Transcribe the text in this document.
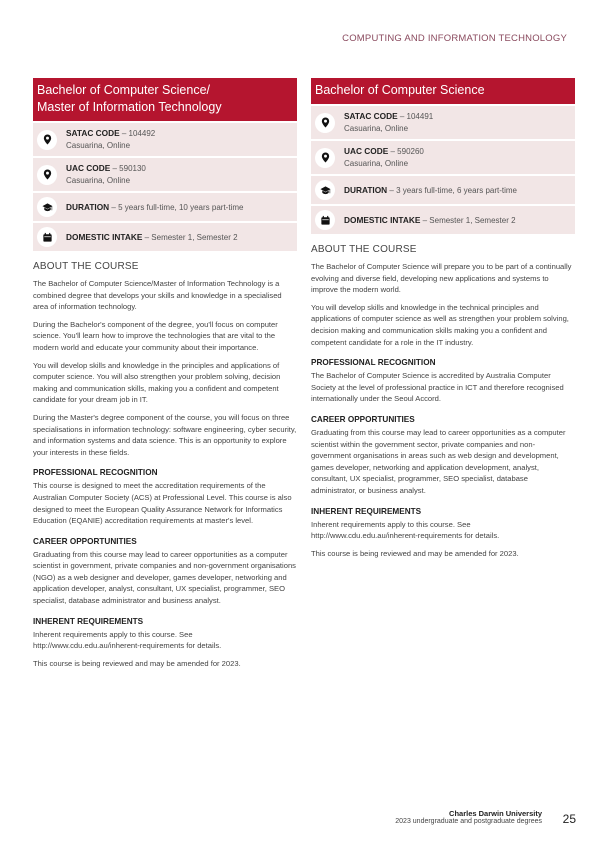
COMPUTING AND INFORMATION TECHNOLOGY
Bachelor of Computer Science/
Master of Information Technology
SATAC CODE – 104492
Casuarina, Online
UAC CODE – 590130
Casuarina, Online
DURATION – 5 years full-time, 10 years part-time
DOMESTIC INTAKE – Semester 1, Semester 2
ABOUT THE COURSE

The Bachelor of Computer Science/Master of Information Technology is a combined degree that develops your skills and knowledge in a specialised area of information technology.

During the Bachelor's component of the degree, you'll focus on computer science. You'll learn how to improve the technologies that are vital to the modern world and educate your community about their importance.

You will develop skills and knowledge in the principles and applications of computer science. You will also strengthen your problem solving, decision making and communication skills, making you a confident and competent candidate for your dream job in IT.

During the Master's degree component of the course, you will focus on three specialisations in information technology: software engineering, cyber security, and information systems and data science. This is an opportunity to explore your interests in these fields.

PROFESSIONAL RECOGNITION

This course is designed to meet the accreditation requirements of the Australian Computer Society (ACS) at Professional Level. This course is also designed to meet the European Quality Assurance Network for Informatics Education (EQANIE) accreditation requirements at master's level.

CAREER OPPORTUNITIES

Graduating from this course may lead to career opportunities as a computer scientist in government, private companies and non-government organisations (NGO) as a web designer and developer, games developer, networking and application developer, analyst, consultant, UX specialist, programmer, SEO specialist, database administrator and business analyst.

INHERENT REQUIREMENTS

Inherent requirements apply to this course. See http://www.cdu.edu.au/inherent-requirements for details.

This course is being reviewed and may be amended for 2023.

Bachelor of Computer Science
SATAC CODE – 104491
Casuarina, Online
UAC CODE – 590260
Casuarina, Online
DURATION – 3 years full-time, 6 years part-time
DOMESTIC INTAKE – Semester 1, Semester 2
ABOUT THE COURSE

The Bachelor of Computer Science will prepare you to be part of a continually evolving and diverse field, developing new applications and systems to improve the modern world.

You will develop skills and knowledge in the technical principles and applications of computer science as well as strengthen your problem solving, decision making and communication skills making you a confident and competent candidate for a role in the IT industry.

PROFESSIONAL RECOGNITION

The Bachelor of Computer Science is accredited by Australia Computer Society at the level of professional practice in ICT and therefore recognised internationally under the Seoul Accord.

CAREER OPPORTUNITIES

Graduating from this course may lead to career opportunities as a computer scientist within the government sector, private companies and non-government organisations in areas such as web design and development, games developer, networking and application development, analyst, consultant, UX specialist, programmer, SEO specialist, database administrator, or business analyst.

INHERENT REQUIREMENTS

Inherent requirements apply to this course. See http://www.cdu.edu.au/inherent-requirements for details.

This course is being reviewed and may be amended for 2023.

Charles Darwin University
2023 undergraduate and postgraduate degrees 25
